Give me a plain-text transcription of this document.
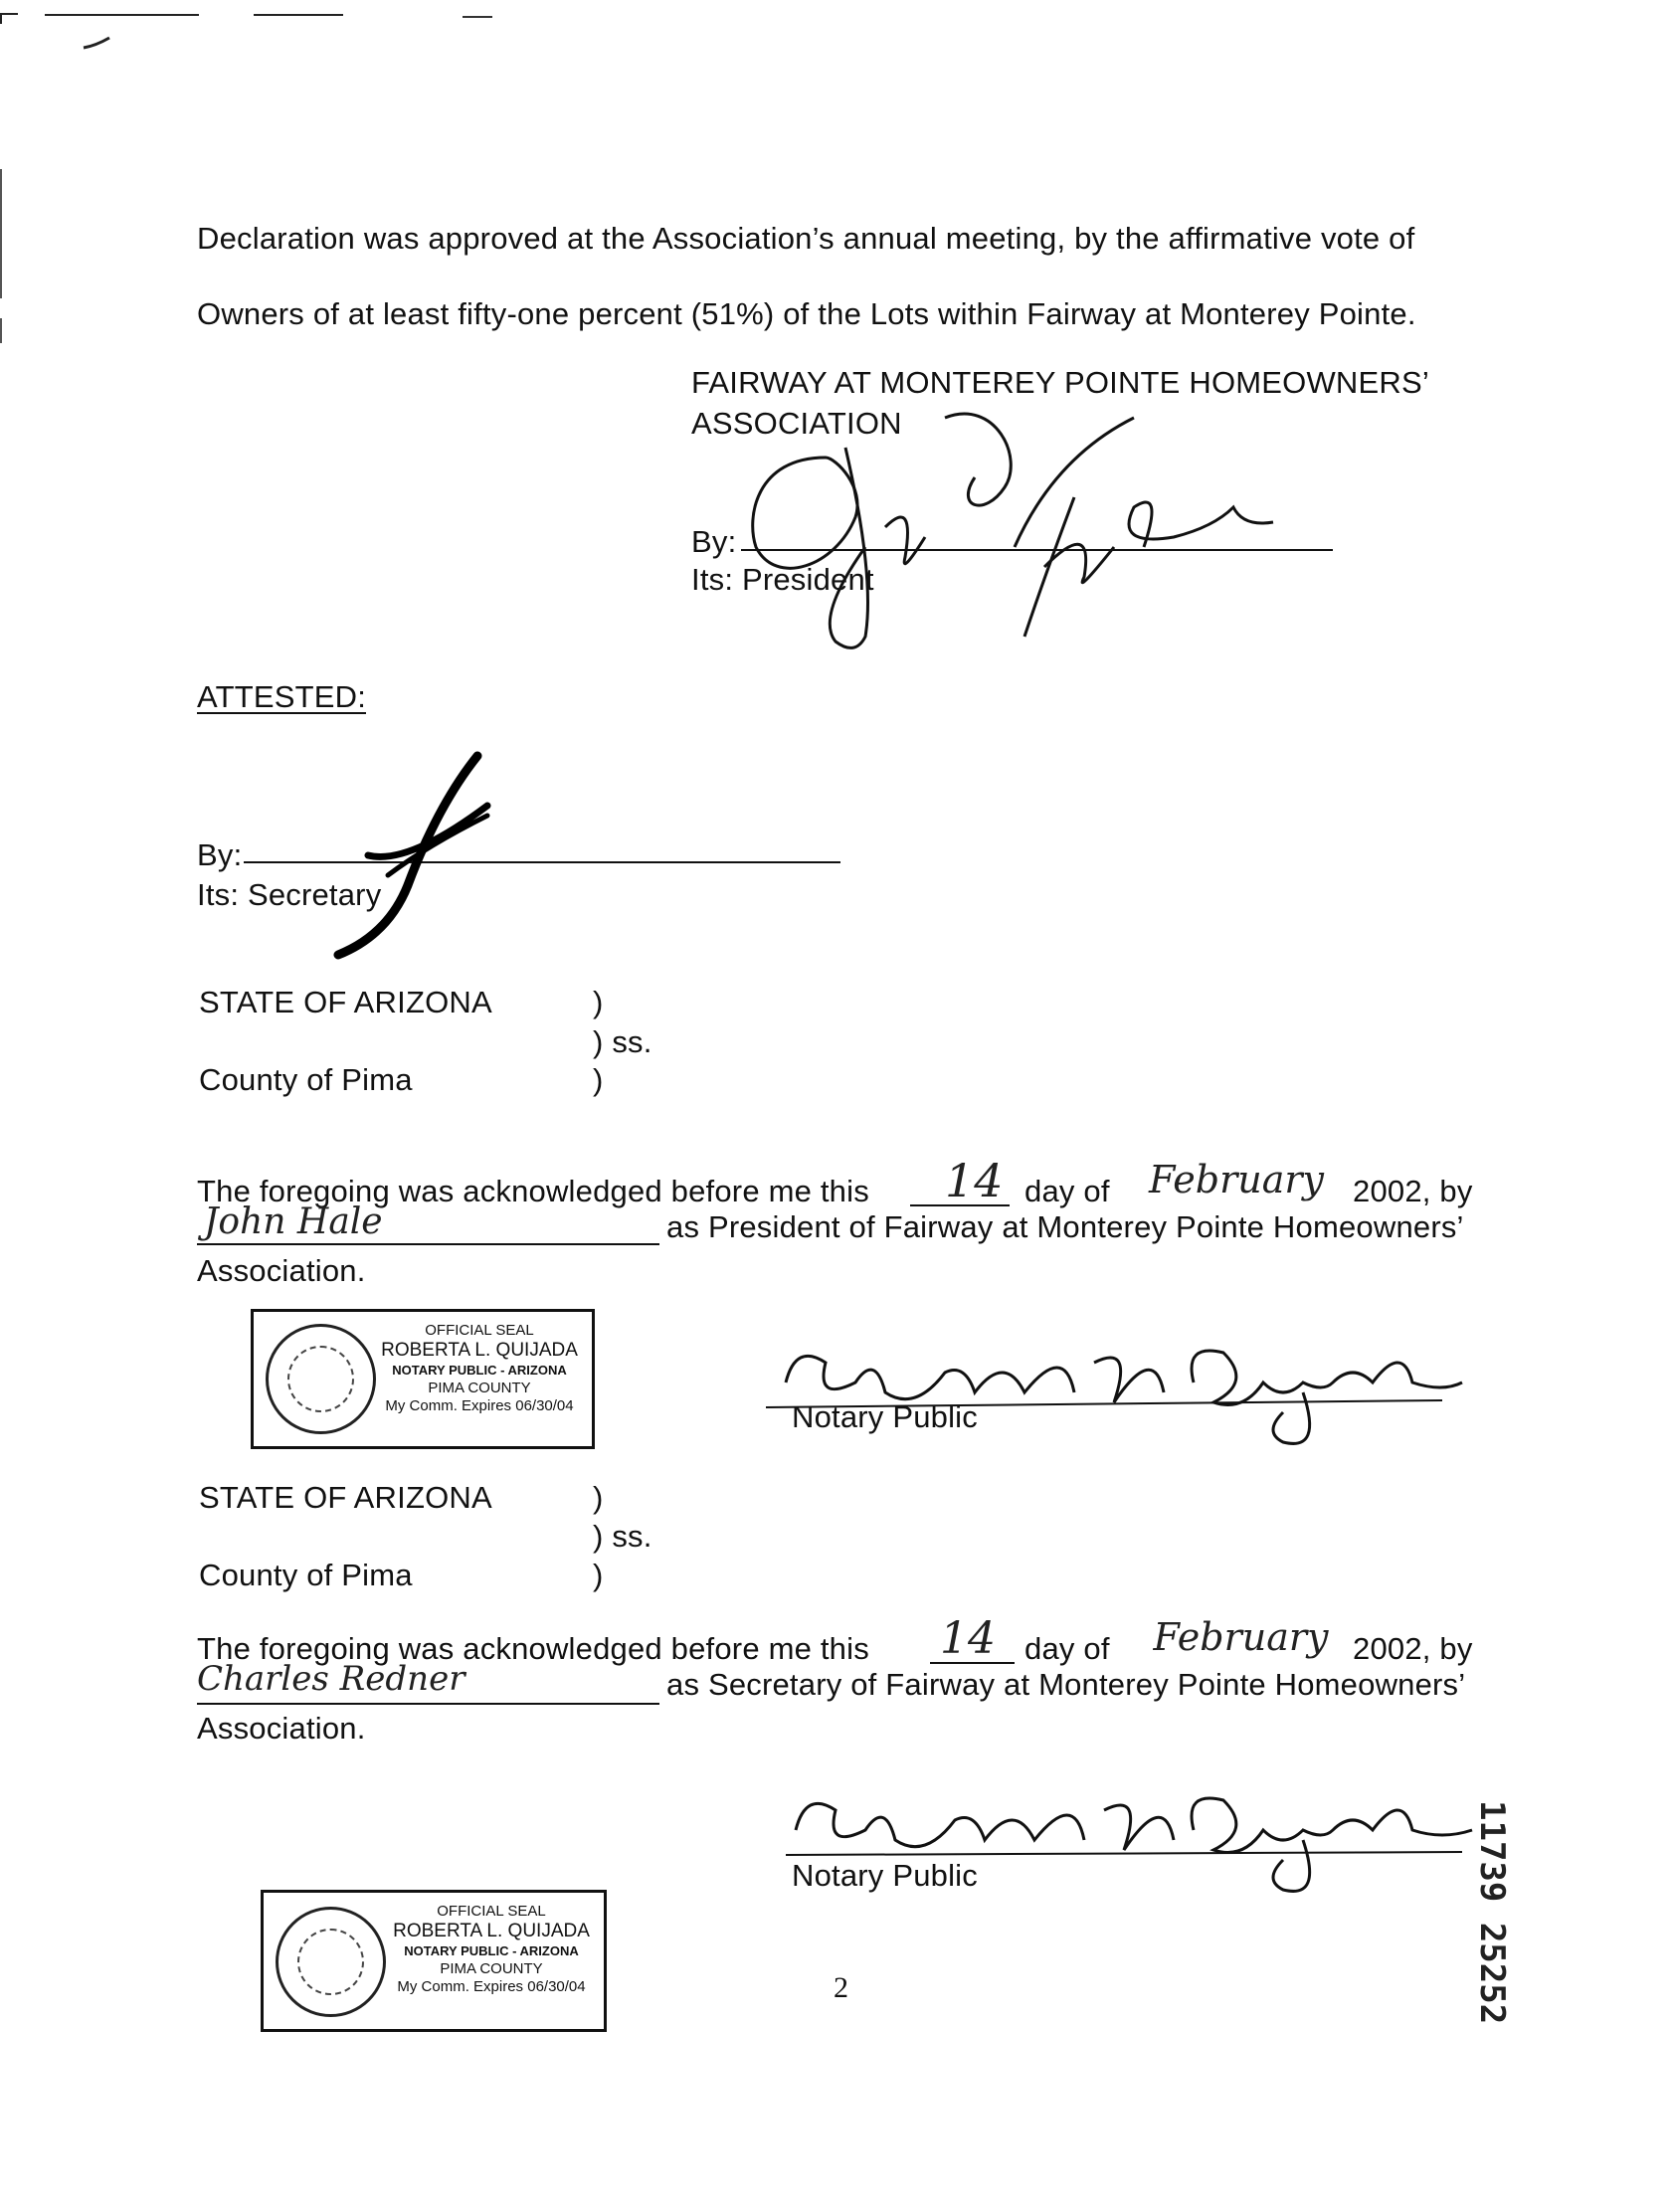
Declaration was approved at the Association’s annual meeting, by the affirmative vote of
Owners of at least fifty-one percent (51%) of the Lots within Fairway at Monterey Pointe.
FAIRWAY AT MONTEREY POINTE HOMEOWNERS’
ASSOCIATION
By:
Its: President
ATTESTED:
By:
Its: Secretary
STATE OF ARIZONA	)
) ss.
County of Pima	)
The foregoing was acknowledged before me this 14 day of	February 2002, by
John Hale	as President of Fairway at Monterey Pointe Homeowners’
Association.
OFFICIAL SEAL
ROBERTA L. QUIJADA
NOTARY PUBLIC - ARIZONA
PIMA COUNTY
My Comm. Expires 06/30/04	Notary Public
STATE OF ARIZONA	)
) ss.
County of Pima	)
The foregoing was acknowledged before me this 14 day of	February 2002, by
Charles Redner	as Secretary of Fairway at Monterey Pointe Homeowners’
Association.
Notary Public
OFFICIAL SEAL
ROBERTA L. QUIJADA
NOTARY PUBLIC - ARIZONA
PIMA COUNTY
My Comm. Expires 06/30/04	2	11739 25252
